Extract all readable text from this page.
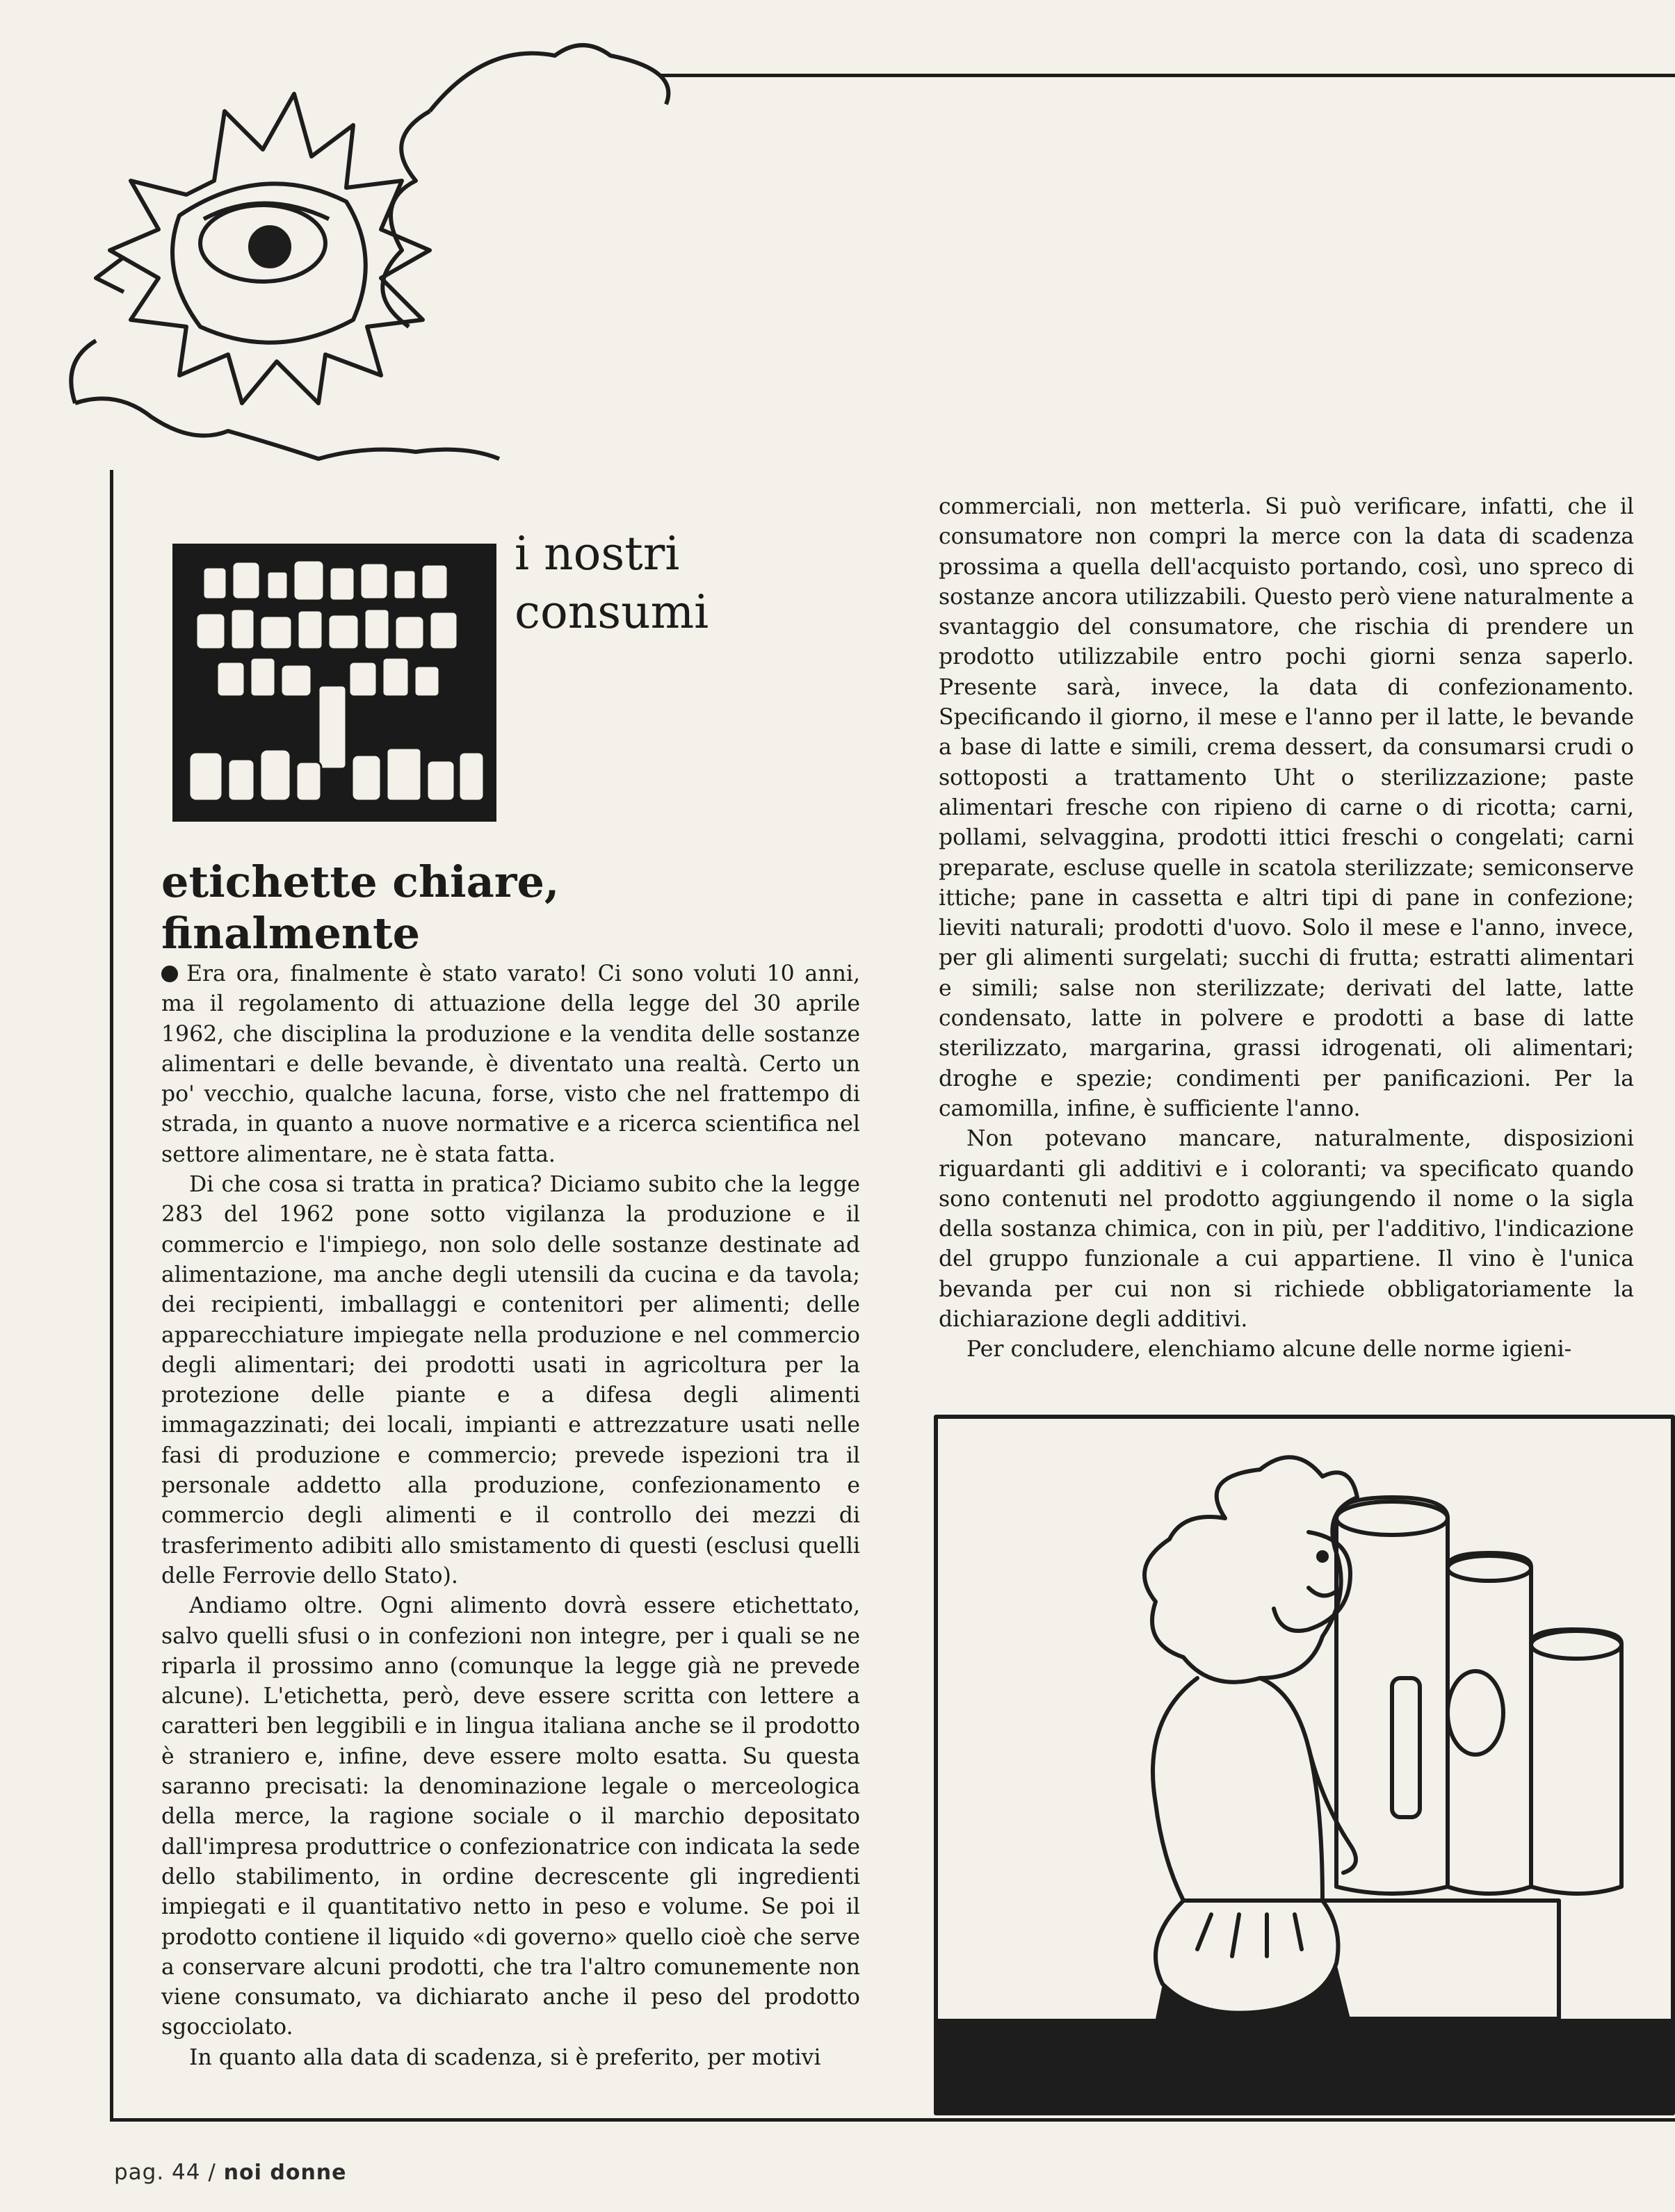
i nostri
consumi
etichette chiare,
finalmente

Era ora, finalmente è stato varato! Ci sono voluti 10 anni, ma il regolamento di attuazione della legge del 30 aprile 1962, che disciplina la produzione e la vendita delle sostanze alimentari e delle bevande, è diventato una realtà. Certo un po' vecchio, qualche lacuna, forse, visto che nel frattempo di strada, in quanto a nuove normative e a ricerca scientifica nel settore alimentare, ne è stata fatta.

Di che cosa si tratta in pratica? Diciamo subito che la legge 283 del 1962 pone sotto vigilanza la produzione e il commercio e l'impiego, non solo delle sostanze destinate ad alimentazione, ma anche degli utensili da cucina e da tavola; dei recipienti, imballaggi e contenitori per alimenti; delle apparecchiature impiegate nella produzione e nel commercio degli alimentari; dei prodotti usati in agricoltura per la protezione delle piante e a difesa degli alimenti immagazzinati; dei locali, impianti e attrezzature usati nelle fasi di produzione e commercio; prevede ispezioni tra il personale addetto alla produzione, confezionamento e commercio degli alimenti e il controllo dei mezzi di trasferimento adibiti allo smistamento di questi (esclusi quelli delle Ferrovie dello Stato).

Andiamo oltre. Ogni alimento dovrà essere etichettato, salvo quelli sfusi o in confezioni non integre, per i quali se ne riparla il prossimo anno (comunque la legge già ne prevede alcune). L'etichetta, però, deve essere scritta con lettere a caratteri ben leggibili e in lingua italiana anche se il prodotto è straniero e, infine, deve essere molto esatta. Su questa saranno precisati: la denominazione legale o merceologica della merce, la ragione sociale o il marchio depositato dall'impresa produttrice o confezionatrice con indicata la sede dello stabilimento, in ordine decrescente gli ingredienti impiegati e il quantitativo netto in peso e volume. Se poi il prodotto contiene il liquido «di governo» quello cioè che serve a conservare alcuni prodotti, che tra l'altro comunemente non viene consumato, va dichiarato anche il peso del prodotto sgocciolato.

In quanto alla data di scadenza, si è preferito, per motivi

commerciali, non metterla. Si può verificare, infatti, che il consumatore non compri la merce con la data di scadenza prossima a quella dell'acquisto portando, così, uno spreco di sostanze ancora utilizzabili. Questo però viene naturalmente a svantaggio del consumatore, che rischia di prendere un prodotto utilizzabile entro pochi giorni senza saperlo. Presente sarà, invece, la data di confezionamento. Specificando il giorno, il mese e l'anno per il latte, le bevande a base di latte e simili, crema dessert, da consumarsi crudi o sottoposti a trattamento Uht o sterilizzazione; paste alimentari fresche con ripieno di carne o di ricotta; carni, pollami, selvaggina, prodotti ittici freschi o congelati; carni preparate, escluse quelle in scatola sterilizzate; semiconserve ittiche; pane in cassetta e altri tipi di pane in confezione; lieviti naturali; prodotti d'uovo. Solo il mese e l'anno, invece, per gli alimenti surgelati; succhi di frutta; estratti alimentari e simili; salse non sterilizzate; derivati del latte, latte condensato, latte in polvere e prodotti a base di latte sterilizzato, margarina, grassi idrogenati, oli alimentari; droghe e spezie; condimenti per panificazioni. Per la camomilla, infine, è sufficiente l'anno.

Non potevano mancare, naturalmente, disposizioni riguardanti gli additivi e i coloranti; va specificato quando sono contenuti nel prodotto aggiungendo il nome o la sigla della sostanza chimica, con in più, per l'additivo, l'indicazione del gruppo funzionale a cui appartiene. Il vino è l'unica bevanda per cui non si richiede obbligatoriamente la dichiarazione degli additivi.

Per concludere, elenchiamo alcune delle norme igieni-

pag. 44 / noi donne
